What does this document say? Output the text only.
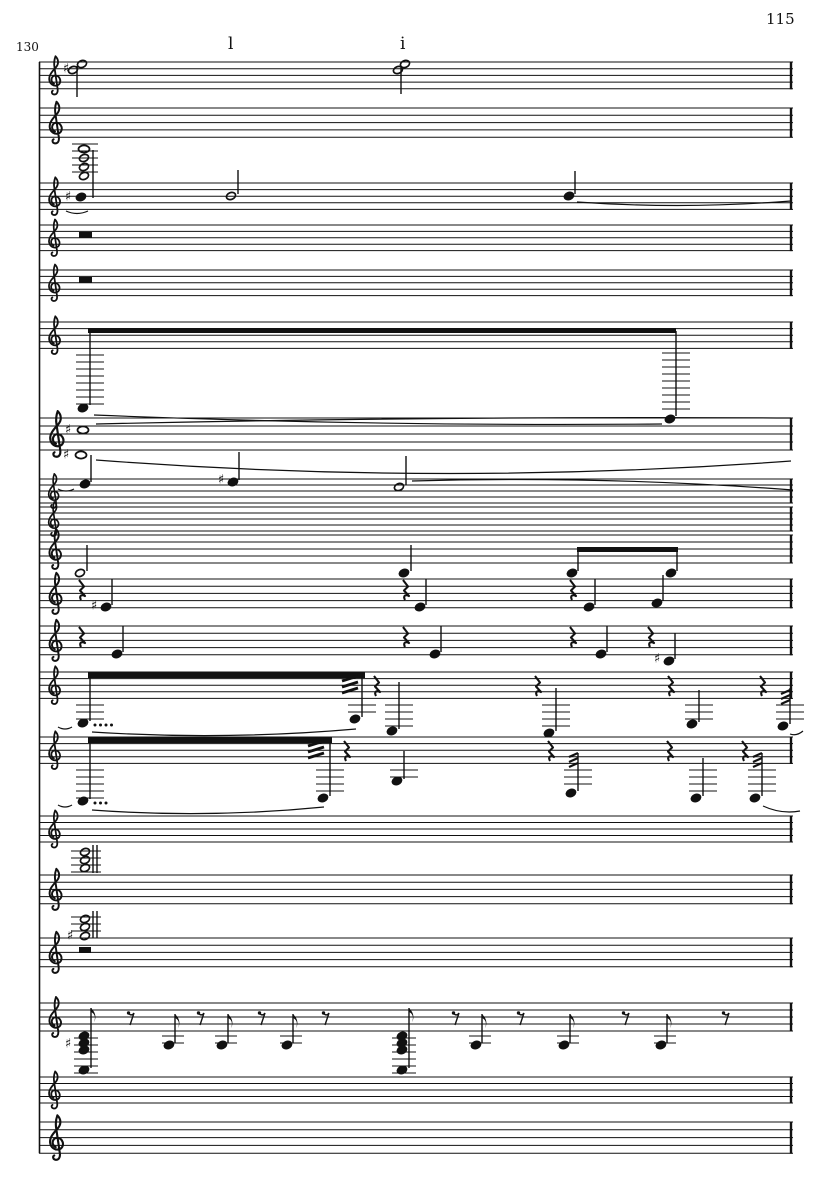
115
130	l	i
♯
♯
♯
♯
♯
♯
♯
♯
♯
